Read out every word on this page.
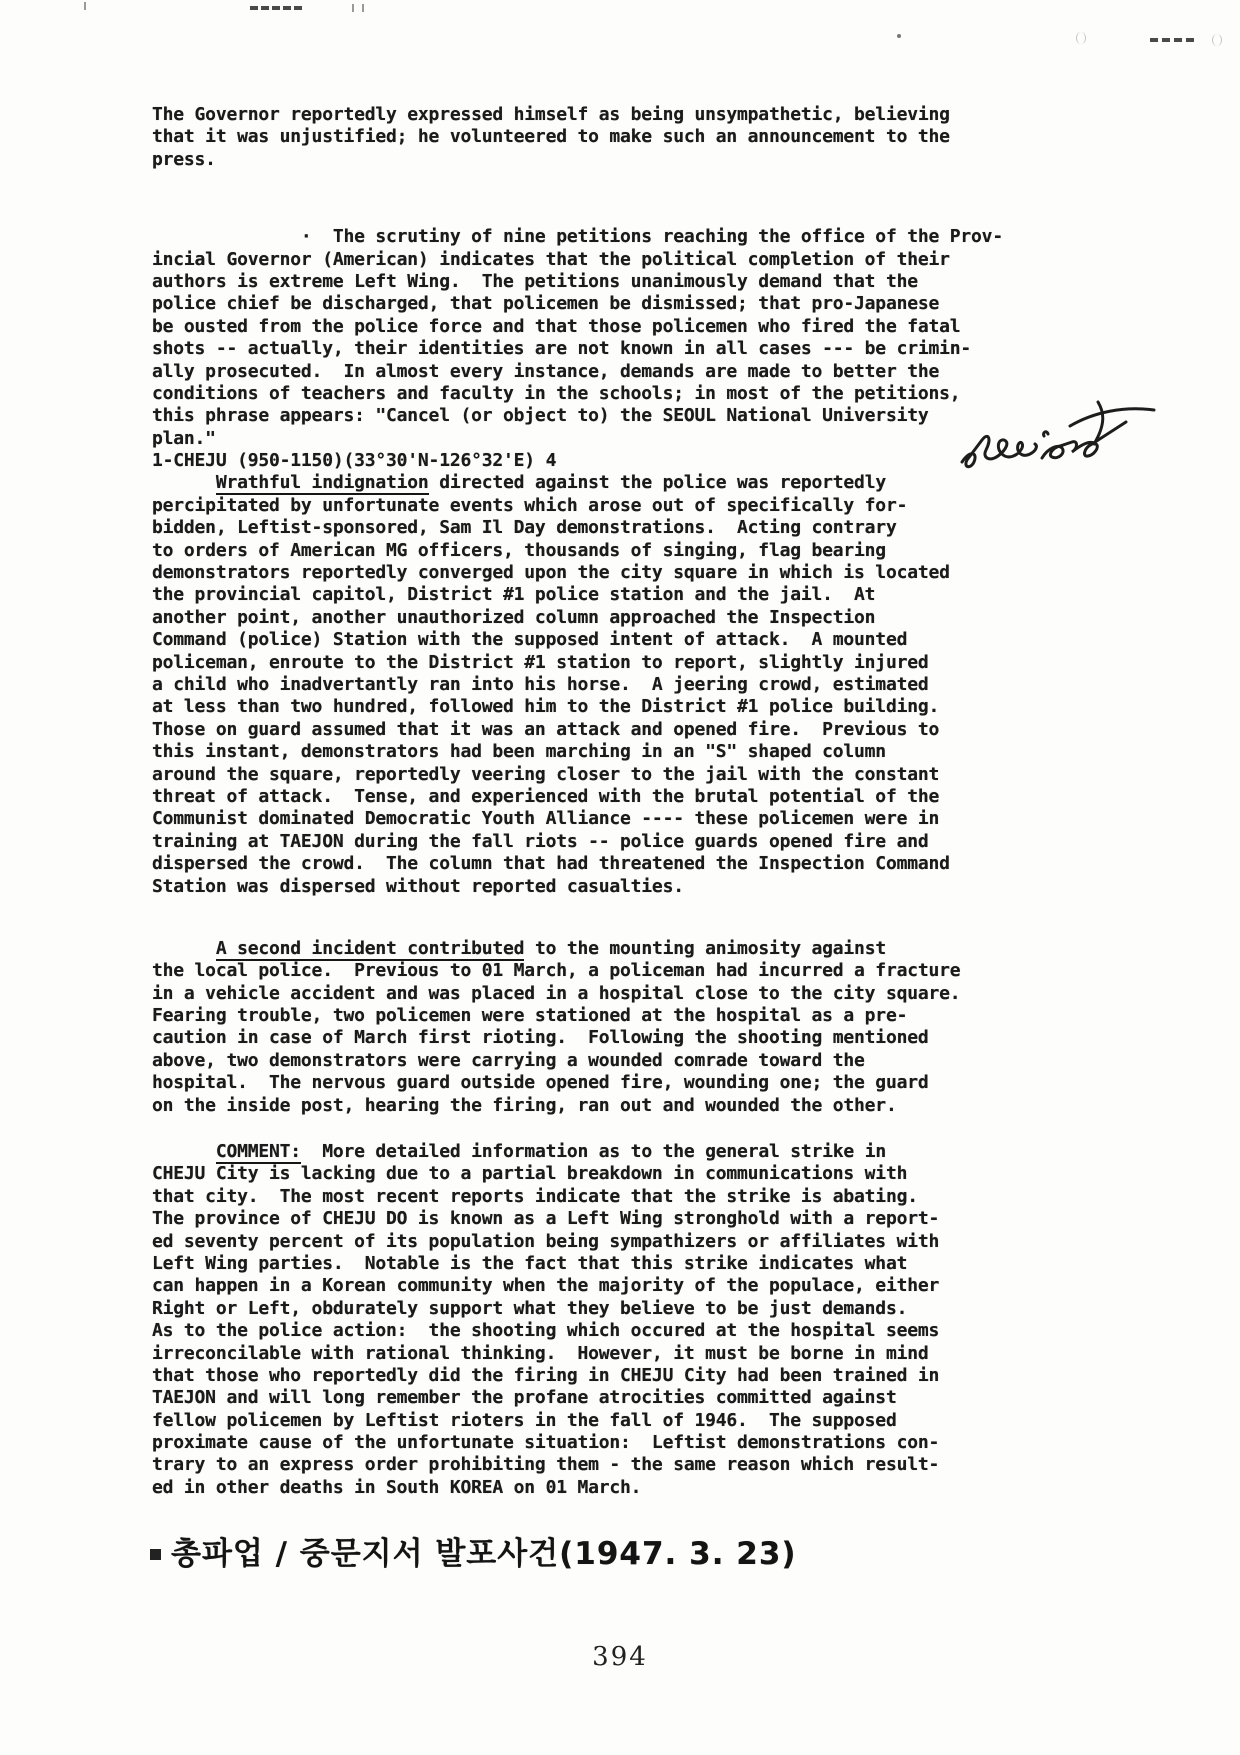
The Governor reportedly expressed himself as being unsympathetic, believing
that it was unjustified; he volunteered to make such an announcement to the
press.
·  The scrutiny of nine petitions reaching the office of the Prov-
incial Governor (American) indicates that the political completion of their
authors is extreme Left Wing.  The petitions unanimously demand that the
police chief be discharged, that policemen be dismissed; that pro-Japanese
be ousted from the police force and that those policemen who fired the fatal
shots -- actually, their identities are not known in all cases --- be crimin-
ally prosecuted.  In almost every instance, demands are made to better the
conditions of teachers and faculty in the schools; in most of the petitions,
this phrase appears: "Cancel (or object to) the SEOUL National University
plan."
1-CHEJU (950-1150)(33°30'N-126°32'E) 4
Wrathful indignation directed against the police was reportedly
percipitated by unfortunate events which arose out of specifically for-
bidden, Leftist-sponsored, Sam Il Day demonstrations.  Acting contrary
to orders of American MG officers, thousands of singing, flag bearing
demonstrators reportedly converged upon the city square in which is located
the provincial capitol, District #1 police station and the jail.  At
another point, another unauthorized column approached the Inspection
Command (police) Station with the supposed intent of attack.  A mounted
policeman, enroute to the District #1 station to report, slightly injured
a child who inadvertantly ran into his horse.  A jeering crowd, estimated
at less than two hundred, followed him to the District #1 police building.
Those on guard assumed that it was an attack and opened fire.  Previous to
this instant, demonstrators had been marching in an "S" shaped column
around the square, reportedly veering closer to the jail with the constant
threat of attack.  Tense, and experienced with the brutal potential of the
Communist dominated Democratic Youth Alliance ---- these policemen were in
training at TAEJON during the fall riots -- police guards opened fire and
dispersed the crowd.  The column that had threatened the Inspection Command
Station was dispersed without reported casualties.
A second incident contributed to the mounting animosity against
the local police.  Previous to 01 March, a policeman had incurred a fracture
in a vehicle accident and was placed in a hospital close to the city square.
Fearing trouble, two policemen were stationed at the hospital as a pre-
caution in case of March first rioting.  Following the shooting mentioned
above, two demonstrators were carrying a wounded comrade toward the
hospital.  The nervous guard outside opened fire, wounding one; the guard
on the inside post, hearing the firing, ran out and wounded the other.
COMMENT:  More detailed information as to the general strike in
CHEJU City is lacking due to a partial breakdown in communications with
that city.  The most recent reports indicate that the strike is abating.
The province of CHEJU DO is known as a Left Wing stronghold with a report-
ed seventy percent of its population being sympathizers or affiliates with
Left Wing parties.  Notable is the fact that this strike indicates what
can happen in a Korean community when the majority of the populace, either
Right or Left, obdurately support what they believe to be just demands.
As to the police action:  the shooting which occured at the hospital seems
irreconcilable with rational thinking.  However, it must be borne in mind
that those who reportedly did the firing in CHEJU City had been trained in
TAEJON and will long remember the profane atrocities committed against
fellow policemen by Leftist rioters in the fall of 1946.  The supposed
proximate cause of the unfortunate situation:  Leftist demonstrations con-
trary to an express order prohibiting them - the same reason which result-
ed in other deaths in South KOREA on 01 March.
총파업 / 중문지서 발포사건(1947. 3. 23)
394
